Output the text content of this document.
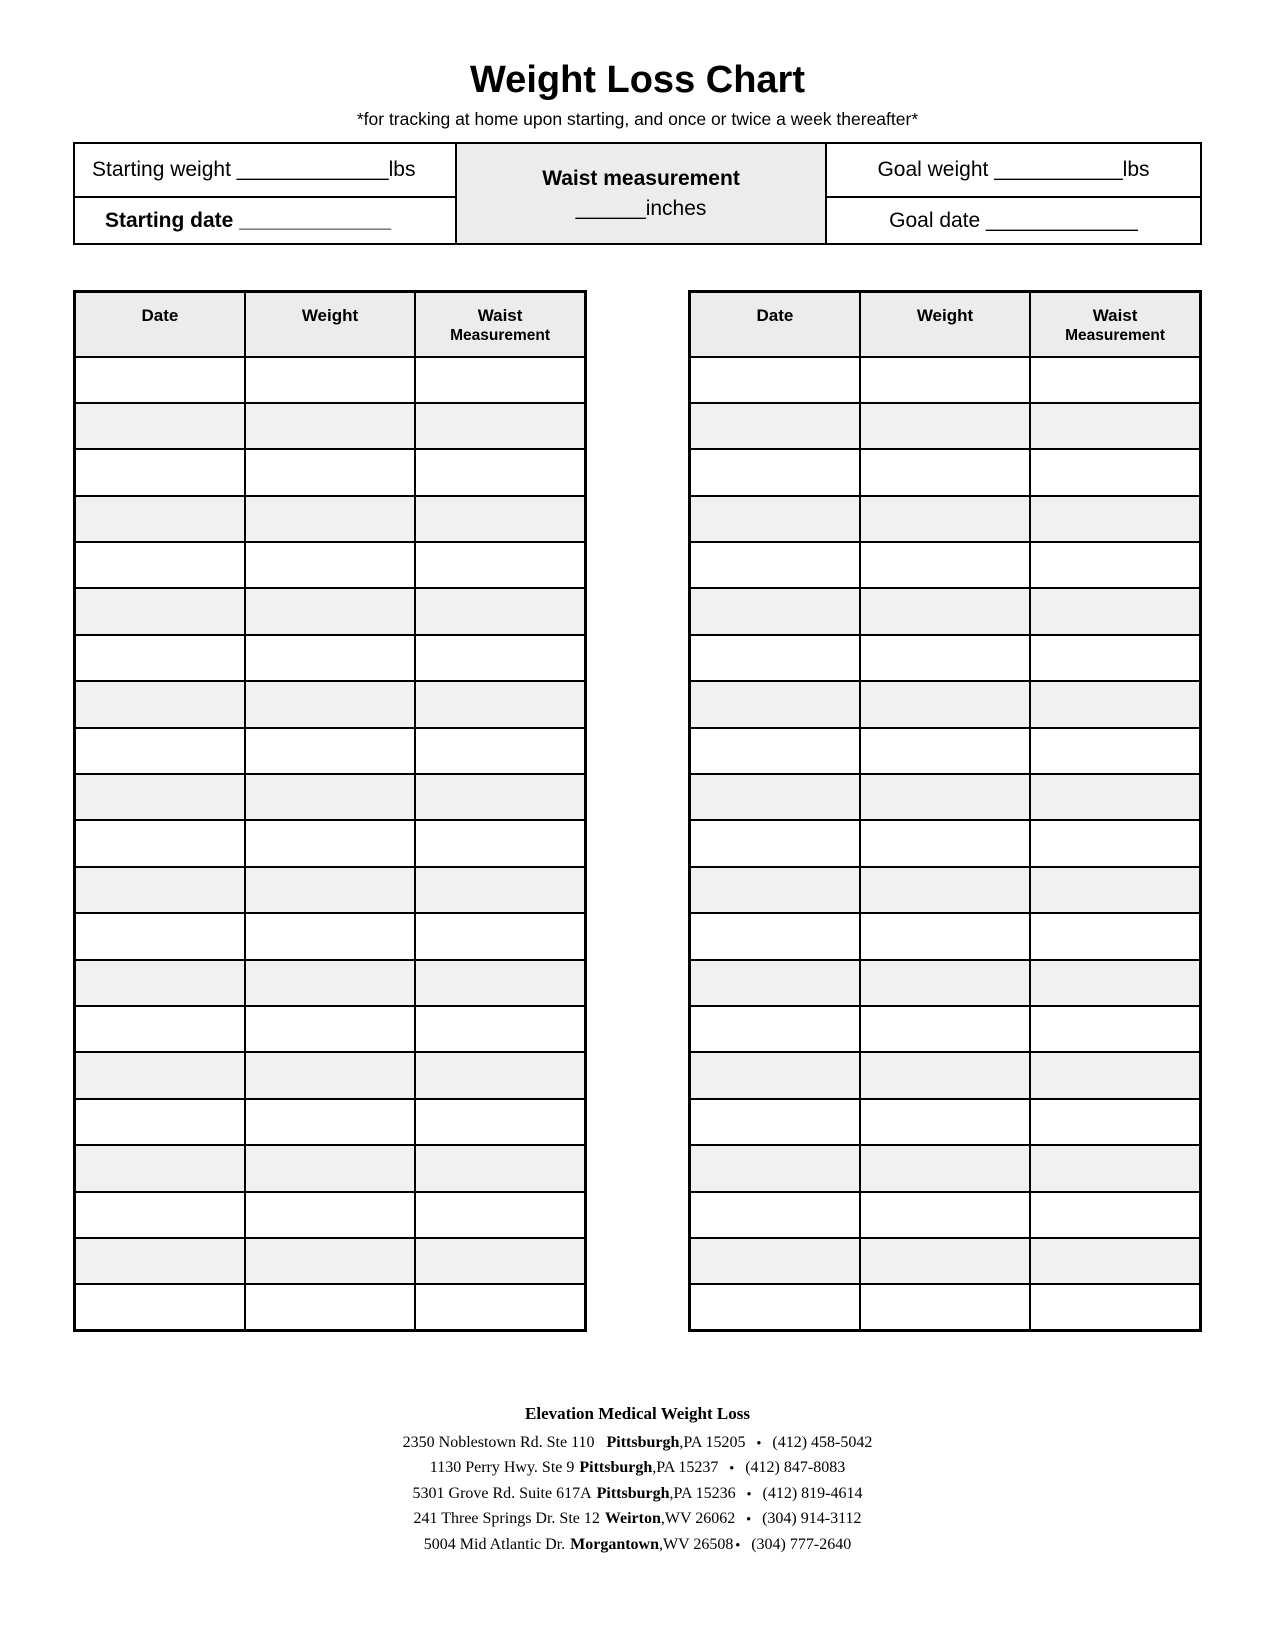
Weight Loss Chart
*for tracking at home upon starting, and once or twice a week thereafter*
Starting weight _____________ lbs
Starting date _____________
Waist measurement
______inches
Goal weight ___________ lbs
Goal date _____________
Date	Weight	Waist
Measurement

Date	Weight	Waist
Measurement

Elevation Medical Weight Loss
2350 Noblestown Rd. Ste 110 Pittsburgh,PA 15205 ● (412) 458-5042
1130 Perry Hwy. Ste 9 Pittsburgh,PA 15237 ● (412) 847-8083
5301 Grove Rd. Suite 617A Pittsburgh,PA 15236 ● (412) 819-4614
241 Three Springs Dr. Ste 12 Weirton,WV 26062 ● (304) 914-3112
5004 Mid Atlantic Dr. Morgantown,WV 26508 ● (304) 777-2640
